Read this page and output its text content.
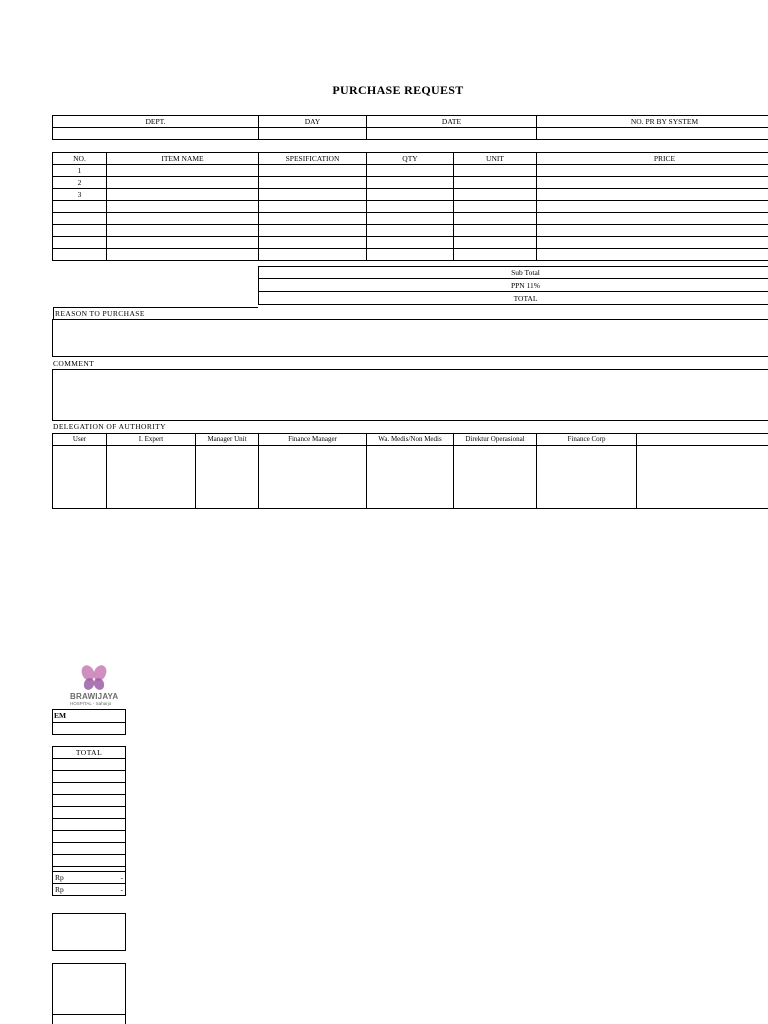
PURCHASE REQUEST
DEPT.	DAY	DATE	NO. PR BY SYSTEM

NO.	ITEM NAME	SPESIFICATION	QTY	UNIT	PRICE
1					
2					
3					

Sub Total
PPN 11%
TOTAL
REASON TO PURCHASE
COMMENT
DELEGATION OF AUTHORITY
User	I. Expert	Manager Unit	Finance Manager	Wa. Medis/Non Medis	Direktur Operasional	Finance Corp	

BRAWIJAYA
HOSPITAL - Saharjo
EM
TOTAL

Rp	-

Rp	-
